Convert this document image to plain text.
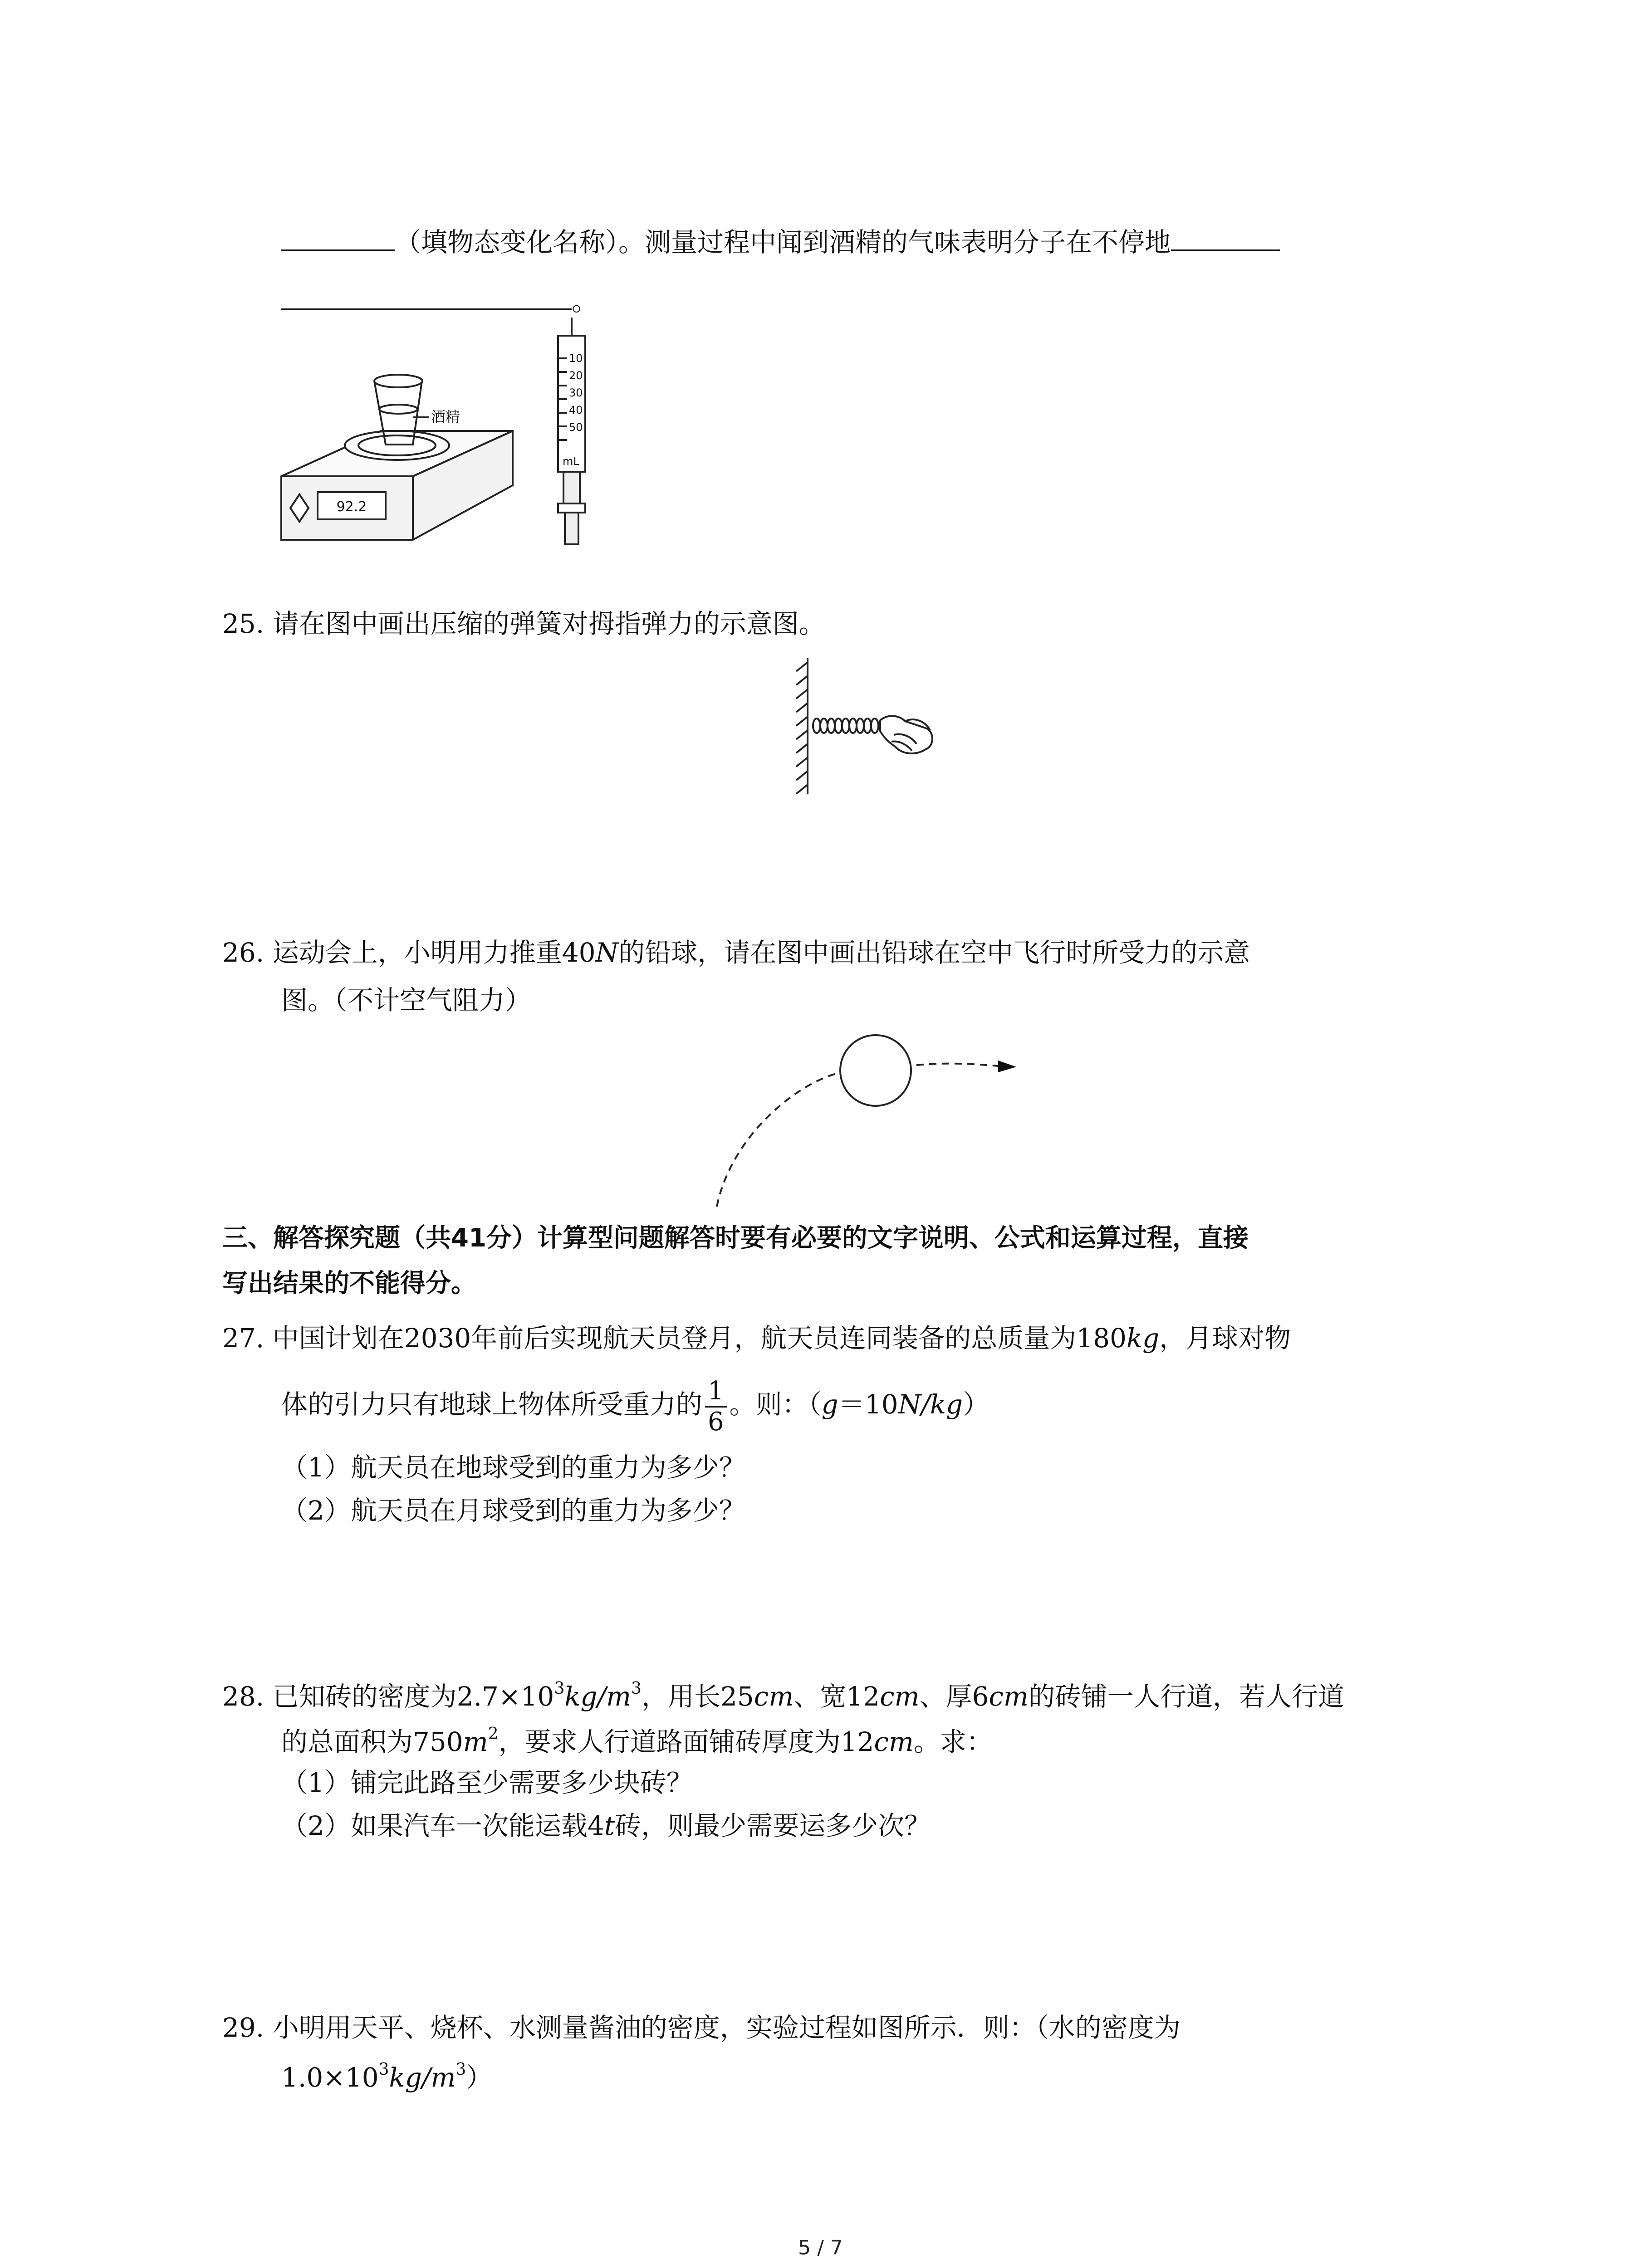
（填物态变化名称）。测量过程中闻到酒精的气味表明分子在不停地
。
92.2
酒精
10
20
30
40
50
mL
25. 请在图中画出压缩的弹簧对拇指弹力的示意图。
26. 运动会上，小明用力推重40N的铅球，请在图中画出铅球在空中飞行时所受力的示意
图。（不计空气阻力）
三、解答探究题（共41分）计算型问题解答时要有必要的文字说明、公式和运算过程，直接
写出结果的不能得分。
27. 中国计划在2030年前后实现航天员登月，航天员连同装备的总质量为180kg，月球对物
体的引力只有地球上物体所受重力的 $\frac{1}{6}$ 。则：（g＝10N/kg）
（1）航天员在地球受到的重力为多少？
（2）航天员在月球受到的重力为多少？
28. 已知砖的密度为$2.7\times 10^3kg/m^3$，用长25cm、宽12cm、厚6cm的砖铺一人行道，若人行道
的总面积为$750m^2$，要求人行道路面铺砖厚度为12cm。求：
（1）铺完此路至少需要多少块砖？
（2）如果汽车一次能运载4t砖，则最少需要运多少次？
29. 小明用天平、烧杯、水测量酱油的密度，实验过程如图所示．则：（水的密度为
$1.0\times 10^3kg/m^3$）
5 / 7
